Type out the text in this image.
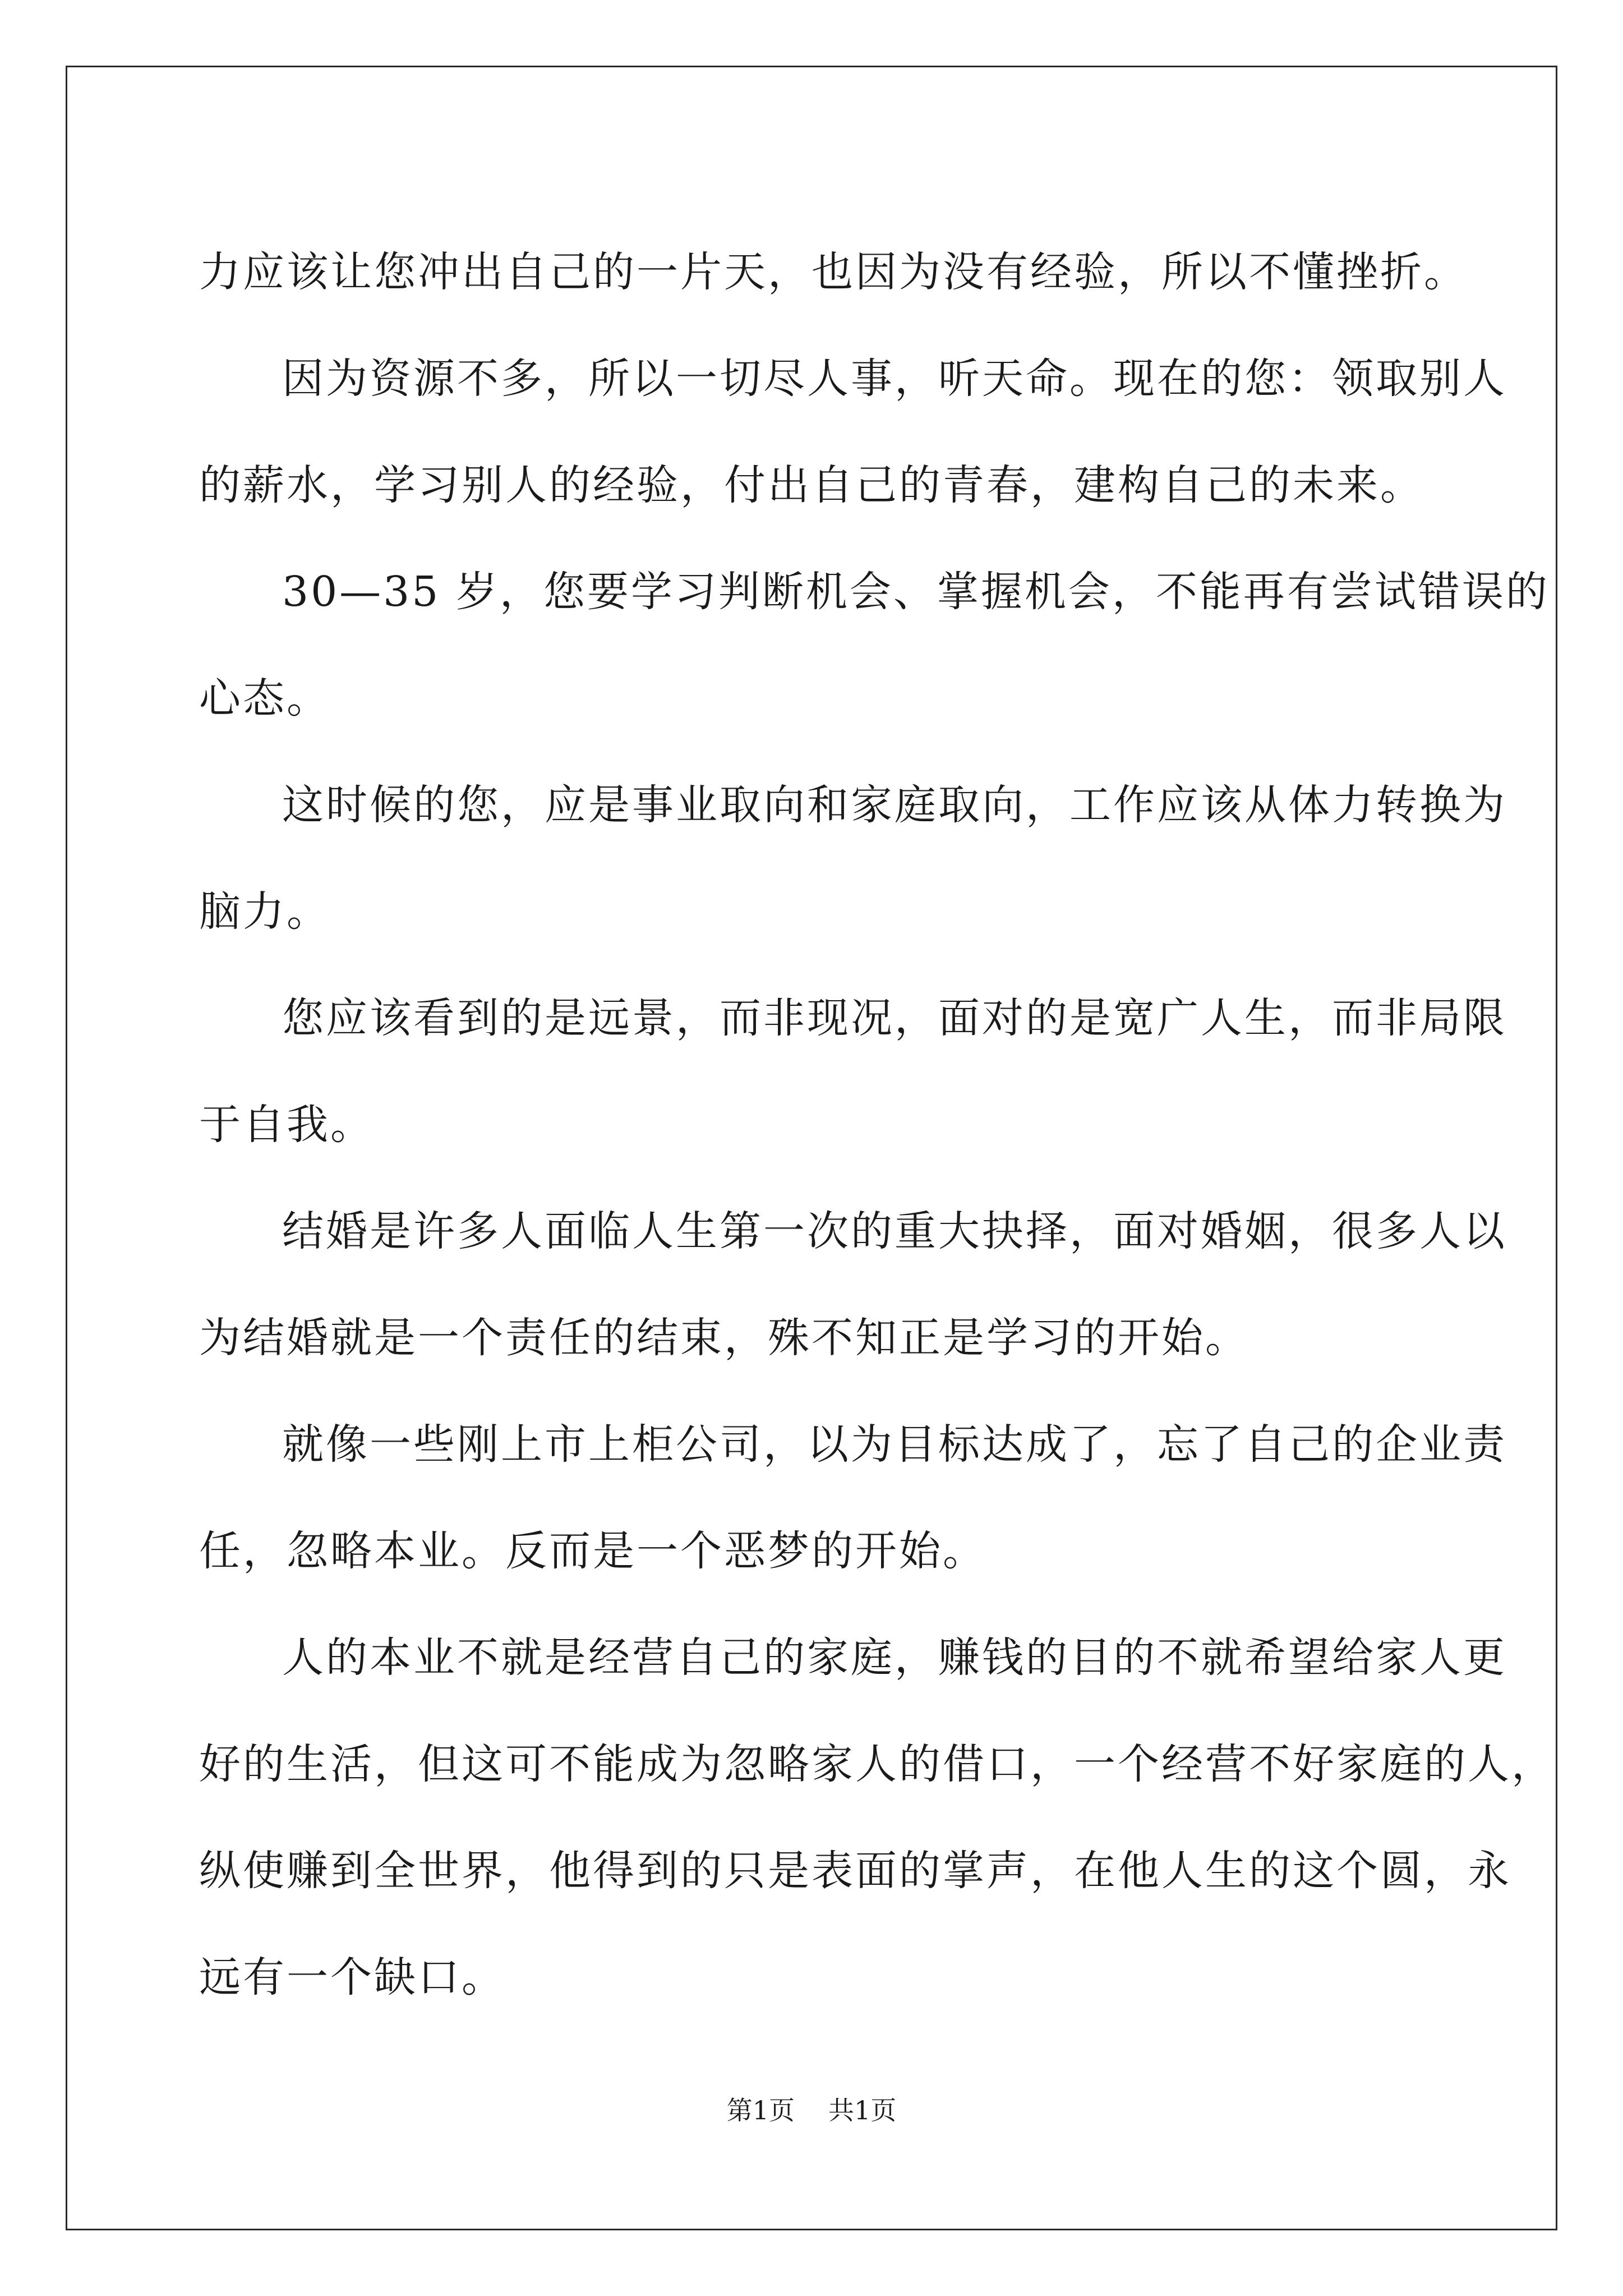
力应该让您冲出自己的一片天，也因为没有经验，所以不懂挫折。
因为资源不多，所以一切尽人事，听天命。现在的您：领取别人
的薪水，学习别人的经验，付出自己的青春，建构自己的未来。
30—35 岁，您要学习判断机会、掌握机会，不能再有尝试错误的
心态。
这时候的您，应是事业取向和家庭取向，工作应该从体力转换为
脑力。
您应该看到的是远景，而非现况，面对的是宽广人生，而非局限
于自我。
结婚是许多人面临人生第一次的重大抉择，面对婚姻，很多人以
为结婚就是一个责任的结束，殊不知正是学习的开始。
就像一些刚上市上柜公司，以为目标达成了，忘了自己的企业责
任，忽略本业。反而是一个恶梦的开始。
人的本业不就是经营自己的家庭，赚钱的目的不就希望给家人更
好的生活，但这可不能成为忽略家人的借口，一个经营不好家庭的人，
纵使赚到全世界，他得到的只是表面的掌声，在他人生的这个圆，永
远有一个缺口。
第1页 共1页
